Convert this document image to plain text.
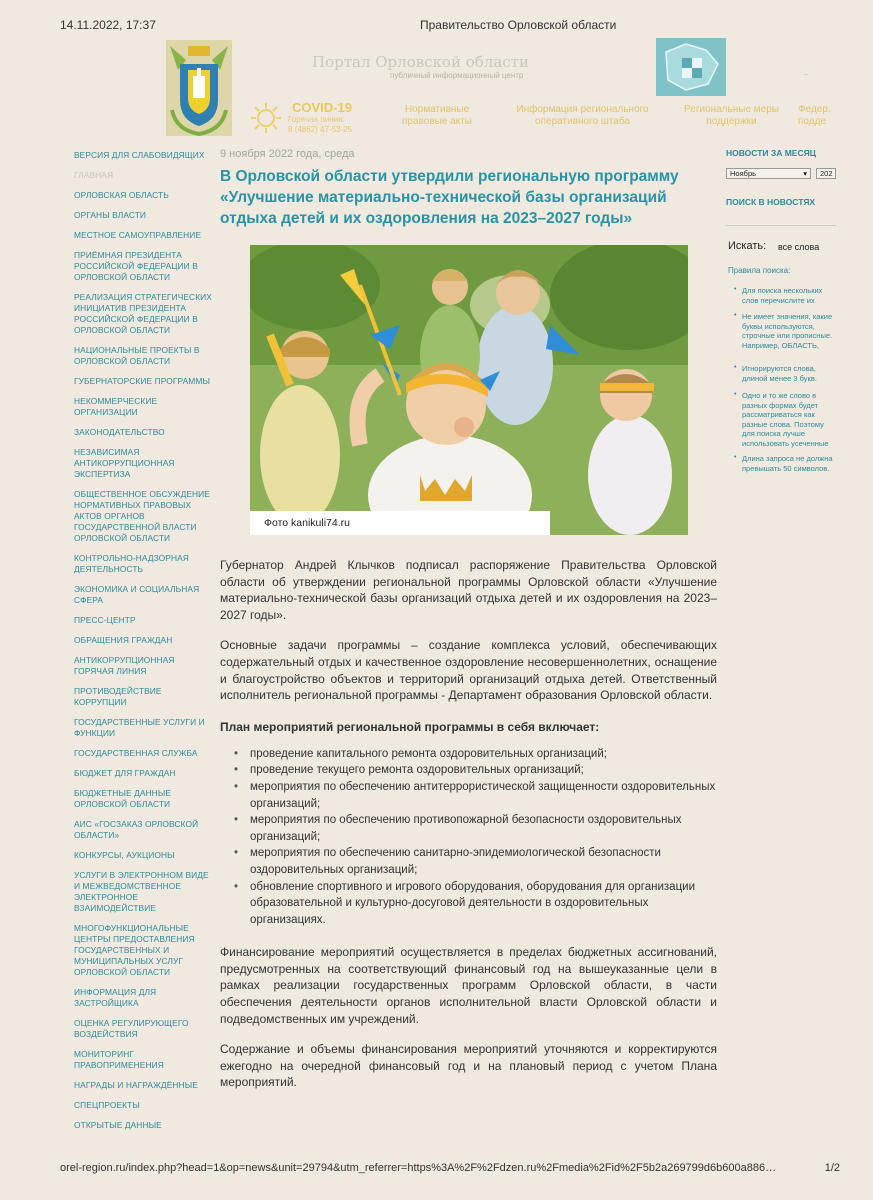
14.11.2022, 17:37	Правительство Орловской области
Портал Орловской области
публичный информационный центр	–
COVID-19
Горячая линия:
8 (4862) 47-53-25
Нормативные правовые акты
Информация регионального оперативного штаба
Региональные меры поддержки
Федер. подде
ВЕРСИЯ ДЛЯ СЛАБОВИДЯЩИХ
ГЛАВНАЯ
ОРЛОВСКАЯ ОБЛАСТЬ
ОРГАНЫ ВЛАСТИ
МЕСТНОЕ САМОУПРАВЛЕНИЕ
ПРИЁМНАЯ ПРЕЗИДЕНТА РОССИЙСКОЙ ФЕДЕРАЦИИ В ОРЛОВСКОЙ ОБЛАСТИ
РЕАЛИЗАЦИЯ СТРАТЕГИЧЕСКИХ ИНИЦИАТИВ ПРЕЗИДЕНТА РОССИЙСКОЙ ФЕДЕРАЦИИ В ОРЛОВСКОЙ ОБЛАСТИ
НАЦИОНАЛЬНЫЕ ПРОЕКТЫ В ОРЛОВСКОЙ ОБЛАСТИ
ГУБЕРНАТОРСКИЕ ПРОГРАММЫ
НЕКОММЕРЧЕСКИЕ ОРГАНИЗАЦИИ
ЗАКОНОДАТЕЛЬСТВО
НЕЗАВИСИМАЯ АНТИКОРРУПЦИОННАЯ ЭКСПЕРТИЗА
ОБЩЕСТВЕННОЕ ОБСУЖДЕНИЕ НОРМАТИВНЫХ ПРАВОВЫХ АКТОВ ОРГАНОВ ГОСУДАРСТВЕННОЙ ВЛАСТИ ОРЛОВСКОЙ ОБЛАСТИ
КОНТРОЛЬНО-НАДЗОРНАЯ ДЕЯТЕЛЬНОСТЬ
ЭКОНОМИКА И СОЦИАЛЬНАЯ СФЕРА
ПРЕСС-ЦЕНТР
ОБРАЩЕНИЯ ГРАЖДАН
АНТИКОРРУПЦИОННАЯ ГОРЯЧАЯ ЛИНИЯ
ПРОТИВОДЕЙСТВИЕ КОРРУПЦИИ
ГОСУДАРСТВЕННЫЕ УСЛУГИ И ФУНКЦИИ
ГОСУДАРСТВЕННАЯ СЛУЖБА
БЮДЖЕТ ДЛЯ ГРАЖДАН
БЮДЖЕТНЫЕ ДАННЫЕ ОРЛОВСКОЙ ОБЛАСТИ
АИС «ГОСЗАКАЗ ОРЛОВСКОЙ ОБЛАСТИ»
КОНКУРСЫ, АУКЦИОНЫ
УСЛУГИ В ЭЛЕКТРОННОМ ВИДЕ И МЕЖВЕДОМСТВЕННОЕ ЭЛЕКТРОННОЕ ВЗАИМОДЕЙСТВИЕ
МНОГОФУНКЦИОНАЛЬНЫЕ ЦЕНТРЫ ПРЕДОСТАВЛЕНИЯ ГОСУДАРСТВЕННЫХ И МУНИЦИПАЛЬНЫХ УСЛУГ ОРЛОВСКОЙ ОБЛАСТИ
ИНФОРМАЦИЯ ДЛЯ ЗАСТРОЙЩИКА
ОЦЕНКА РЕГУЛИРУЮЩЕГО ВОЗДЕЙСТВИЯ
МОНИТОРИНГ ПРАВОПРИМЕНЕНИЯ
НАГРАДЫ И НАГРАЖДЁННЫЕ
СПЕЦПРОЕКТЫ
ОТКРЫТЫЕ ДАННЫЕ
9 ноября 2022 года, среда
В Орловской области утвердили региональную программу «Улучшение материально-технической базы организаций отдыха детей и их оздоровления на 2023–2027 годы»
Фото kanikuli74.ru

Губернатор Андрей Клычков подписал распоряжение Правительства Орловской области об утверждении региональной программы Орловской области «Улучшение материально-технической базы организаций отдыха детей и их оздоровления на 2023–2027 годы».

Основные задачи программы – создание комплекса условий, обеспечивающих содержательный отдых и качественное оздоровление несовершеннолетних, оснащение и благоустройство объектов и территорий организаций отдыха детей. Ответственный исполнитель региональной программы - Департамент образования Орловской области.

План мероприятий региональной программы в себя включает:

• проведение капитального ремонта оздоровительных организаций;
• проведение текущего ремонта оздоровительных организаций;
• мероприятия по обеспечению антитеррористической защищенности оздоровительных организаций;
• мероприятия по обеспечению противопожарной безопасности оздоровительных организаций;
• мероприятия по обеспечению санитарно-эпидемиологической безопасности оздоровительных организаций;
• обновление спортивного и игрового оборудования, оборудования для организации образовательной и культурно-досуговой деятельности в оздоровительных организациях.

Финансирование мероприятий осуществляется в пределах бюджетных ассигнований, предусмотренных на соответствующий финансовый год на вышеуказанные цели в рамках реализации государственных программ Орловской области, в части обеспечения деятельности органов исполнительной власти Орловской области и подведомственных им учреждений.

Содержание и объемы финансирования мероприятий уточняются и корректируются ежегодно на очередной финансовый год и на плановый период с учетом Плана мероприятий.

НОВОСТИ ЗА МЕСЯЦ
Ноябрь	▾	202
ПОИСК В НОВОСТЯХ
Искать: все слова
Правила поиска:
• Для поиска нескольких слов перечислите их
• Не имеет значения, какие буквы используются, строчные или прописные. Например, ОБЛАСТЬ,
• Игнорируются слова, длиной менее 3 букв.
• Одно и то же слово в разных формах будет рассматриваться как разные слова. Поэтому для поиска лучше использовать усеченные
• Длина запроса не должна превышать 50 символов.
orel-region.ru/index.php?head=1&op=news&unit=29794&utm_referrer=https%3A%2F%2Fdzen.ru%2Fmedia%2Fid%2F5b2a269799d6b600a886…	1/2
